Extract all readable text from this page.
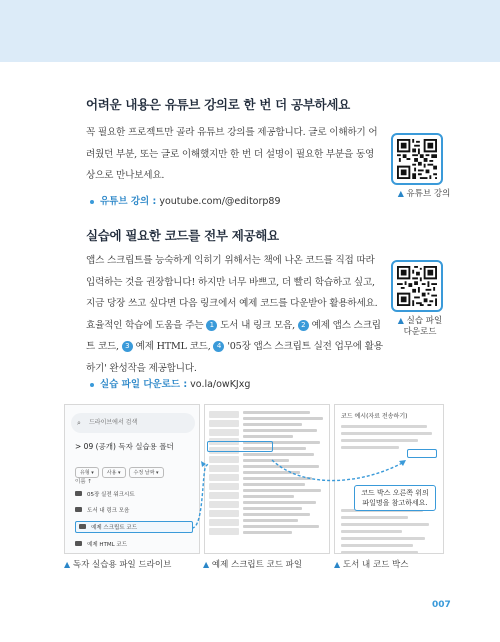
어려운 내용은 유튜브 강의로 한 번 더 공부하세요
꼭 필요한 프로젝트만 골라 유튜브 강의를 제공합니다. 글로 이해하기 어려웠던 부분, 또는 글로 이해했지만 한 번 더 설명이 필요한 부분을 동영상으로 만나보세요.
유튜브 강의 : youtube.com/@editorp89
▲ 유튜브 강의
실습에 필요한 코드를 전부 제공해요
앱스 스크립트를 능숙하게 익히기 위해서는 책에 나온 코드를 직접 따라 입력하는 것을 권장합니다! 하지만 너무 바쁘고, 더 빨리 학습하고 싶고, 지금 당장 쓰고 싶다면 다음 링크에서 예제 코드를 다운받아 활용하세요. 효율적인 학습에 도움을 주는 1 도서 내 링크 모음, 2 예제 앱스 스크립트 코드, 3 예제 HTML 코드, 4 '05장 앱스 스크립트 실전 업무에 활용하기' 완성작을 제공합니다.
▲ 실습 파일
다운로드
실습 파일 다운로드 : vo.la/owKJxg
⌕ 드라이브에서 검색
> 09 (공개) 독자 실습용 폴더
유형 ▾	사용 ▾	수정 날짜 ▾
이름 ↑
05장 실전 워크시트
도서 내 링크 모음
예제 스크립트 코드
예제 HTML 코드
코드 예시(자료 전송하기)
코드 박스 오른쪽 위의
파일명을 참고하세요.
▲ 독자 실습용 파일 드라이브	▲ 예제 스크립트 코드 파일	▲ 도서 내 코드 박스
007
